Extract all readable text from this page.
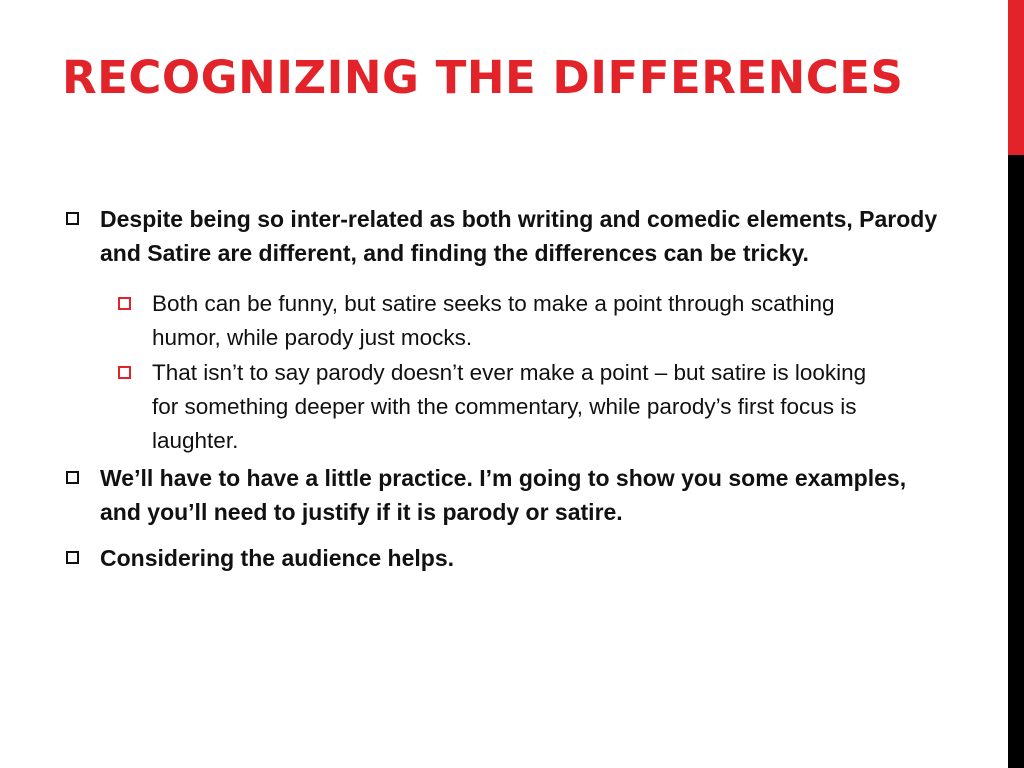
RECOGNIZING THE DIFFERENCES
Despite being so inter-related as both writing and comedic elements, Parody and Satire are different, and finding the differences can be tricky.
Both can be funny, but satire seeks to make a point through scathing humor, while parody just mocks.
That isn’t to say parody doesn’t ever make a point – but satire is looking for something deeper with the commentary, while parody’s first focus is laughter.
We’ll have to have a little practice. I’m going to show you some examples, and you’ll need to justify if it is parody or satire.
Considering the audience helps.
